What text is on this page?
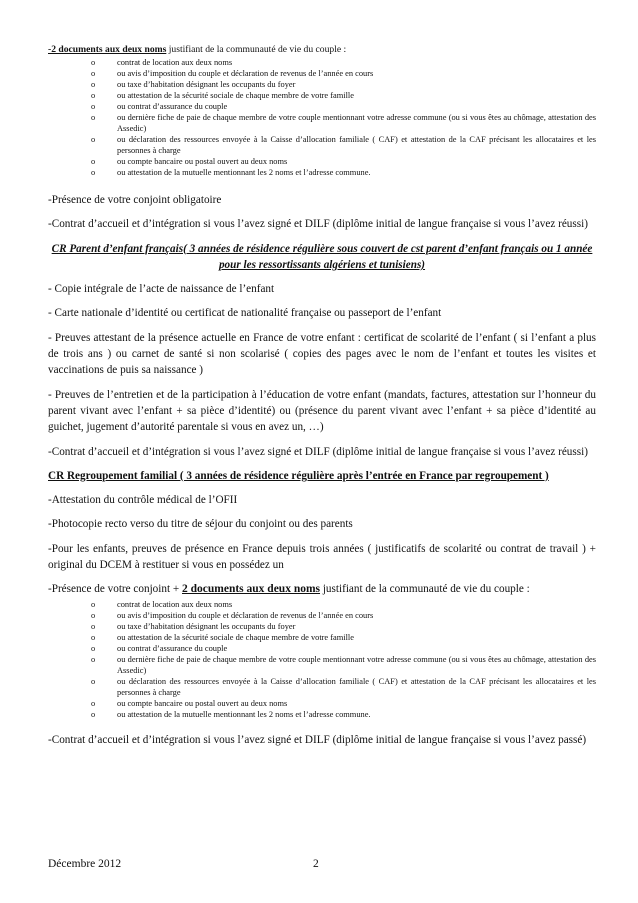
-2 documents aux deux noms justifiant de la communauté de vie du couple :

o	contrat de location aux deux noms
o	ou avis d’imposition du couple et déclaration de revenus de l’année en cours
o	ou taxe d’habitation désignant les occupants du foyer
o	ou attestation de la sécurité sociale de chaque membre de votre famille
o	ou contrat d’assurance du couple
o	ou dernière fiche de paie de chaque membre de votre couple mentionnant votre adresse commune (ou si vous êtes au chômage, attestation des Assedic)
o	ou déclaration des ressources envoyée à la Caisse d’allocation familiale ( CAF) et attestation de la CAF précisant les allocataires et les personnes à charge
o	ou compte bancaire ou postal ouvert au deux noms
o	ou attestation de la mutuelle mentionnant les 2 noms et l’adresse commune.

-Présence de votre conjoint obligatoire

-Contrat d’accueil et d’intégration si vous l’avez signé et DILF (diplôme initial de langue française si vous l’avez réussi)

CR Parent d’enfant français( 3 années de résidence régulière sous couvert de cst parent d’enfant français ou 1 année pour les ressortissants algériens et tunisiens)

- Copie intégrale de l’acte de naissance de l’enfant

- Carte nationale d’identité ou certificat de nationalité française ou passeport de l’enfant

- Preuves attestant de la présence actuelle en France de votre enfant : certificat de scolarité de l’enfant ( si l’enfant a plus de trois ans ) ou carnet de santé si non scolarisé ( copies des pages avec le nom de l’enfant et toutes les visites et vaccinations de puis sa naissance )

- Preuves de l’entretien et de la participation à l’éducation de votre enfant (mandats, factures, attestation sur l’honneur du parent vivant avec l’enfant + sa pièce d’identité) ou (présence du parent vivant avec l’enfant + sa pièce d’identité au guichet, jugement d’autorité parentale si vous en avez un, …)

-Contrat d’accueil et d’intégration si vous l’avez signé et DILF (diplôme initial de langue française si vous l’avez réussi)

CR Regroupement familial ( 3 années de résidence régulière après l’entrée en France par regroupement )

-Attestation du contrôle médical de l’OFII

-Photocopie recto verso du titre de séjour du conjoint ou des parents

-Pour les enfants, preuves de présence en France depuis trois années ( justificatifs de scolarité ou contrat de travail ) + original du DCEM à restituer si vous en possédez un

-Présence de votre conjoint + 2 documents aux deux noms justifiant de la communauté de vie du couple :

o	contrat de location aux deux noms
o	ou avis d’imposition du couple et déclaration de revenus de l’année en cours
o	ou taxe d’habitation désignant les occupants du foyer
o	ou attestation de la sécurité sociale de chaque membre de votre famille
o	ou contrat d’assurance du couple
o	ou dernière fiche de paie de chaque membre de votre couple mentionnant votre adresse commune (ou si vous êtes au chômage, attestation des Assedic)
o	ou déclaration des ressources envoyée à la Caisse d’allocation familiale ( CAF) et attestation de la CAF précisant les allocataires et les personnes à charge
o	ou compte bancaire ou postal ouvert au deux noms
o	ou attestation de la mutuelle mentionnant les 2 noms et l’adresse commune.

-Contrat d’accueil et d’intégration si vous l’avez signé et DILF (diplôme initial de langue française si vous l’avez passé)

Décembre 2012	2
